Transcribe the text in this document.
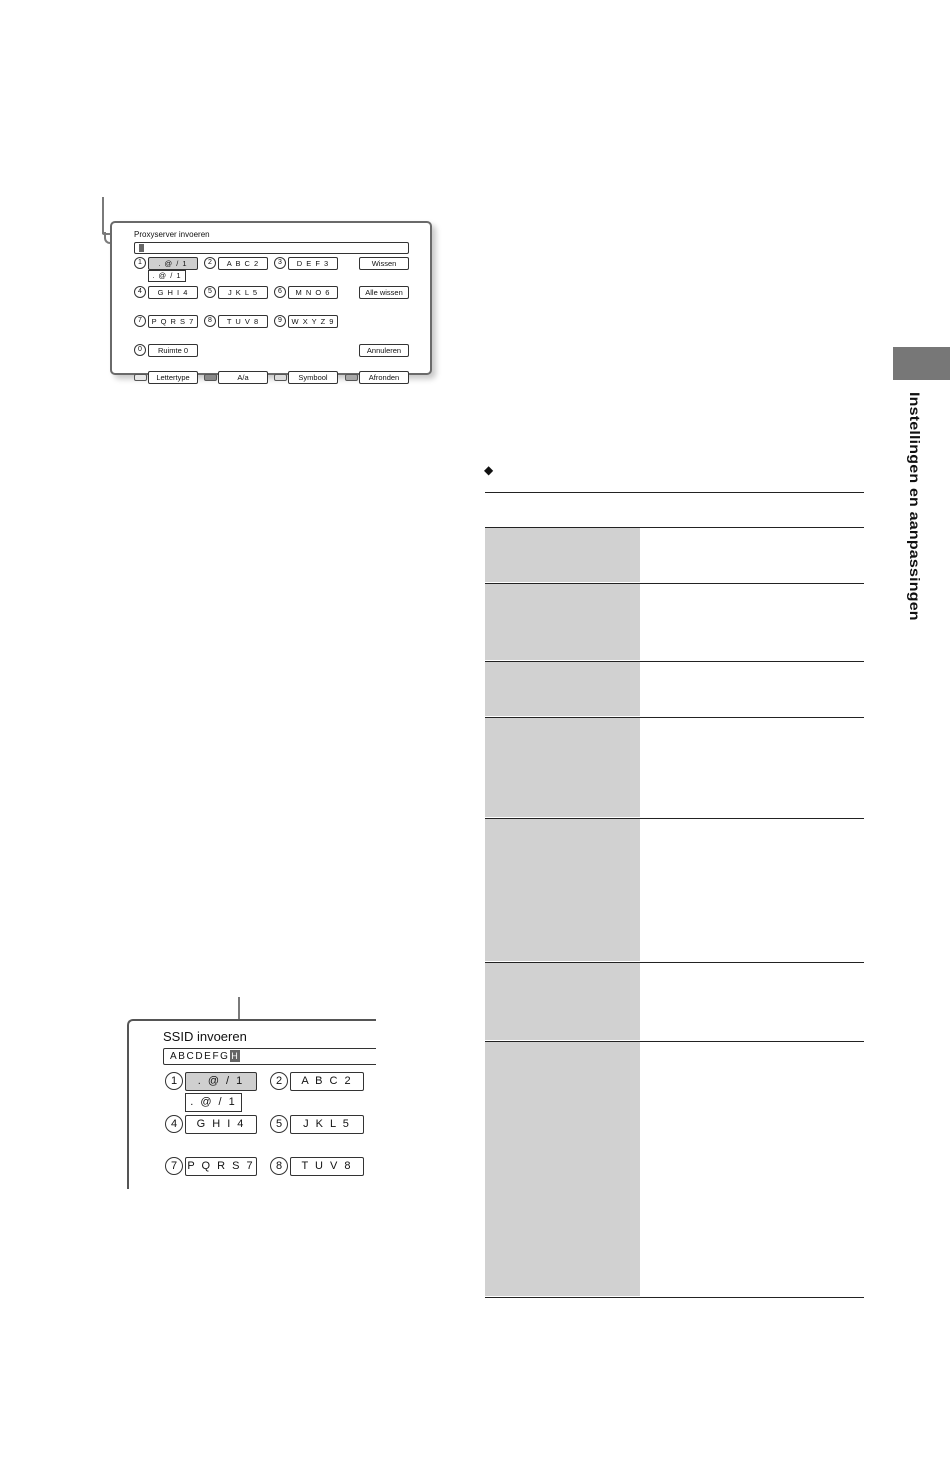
Proxyserver invoeren
1	. @ / 1	2	A B C 2	3	D E F 3	Wissen
. @ / 1
4	G H I 4	5	J K L 5	6	M N O 6	Alle wissen
7	P Q R S 7	8	T U V 8	9	W X Y Z 9
0	Ruimte 0	Annuleren
Lettertype	A/a	Symbool	Afronden
SSID invoeren
ABCDEFG H
1	. @ / 1	2	A B C 2
. @ / 1
4	G H I 4	5	J K L 5
7 P Q R S 7	8	T U V 8
◆	Instellingen en aanpassingen
